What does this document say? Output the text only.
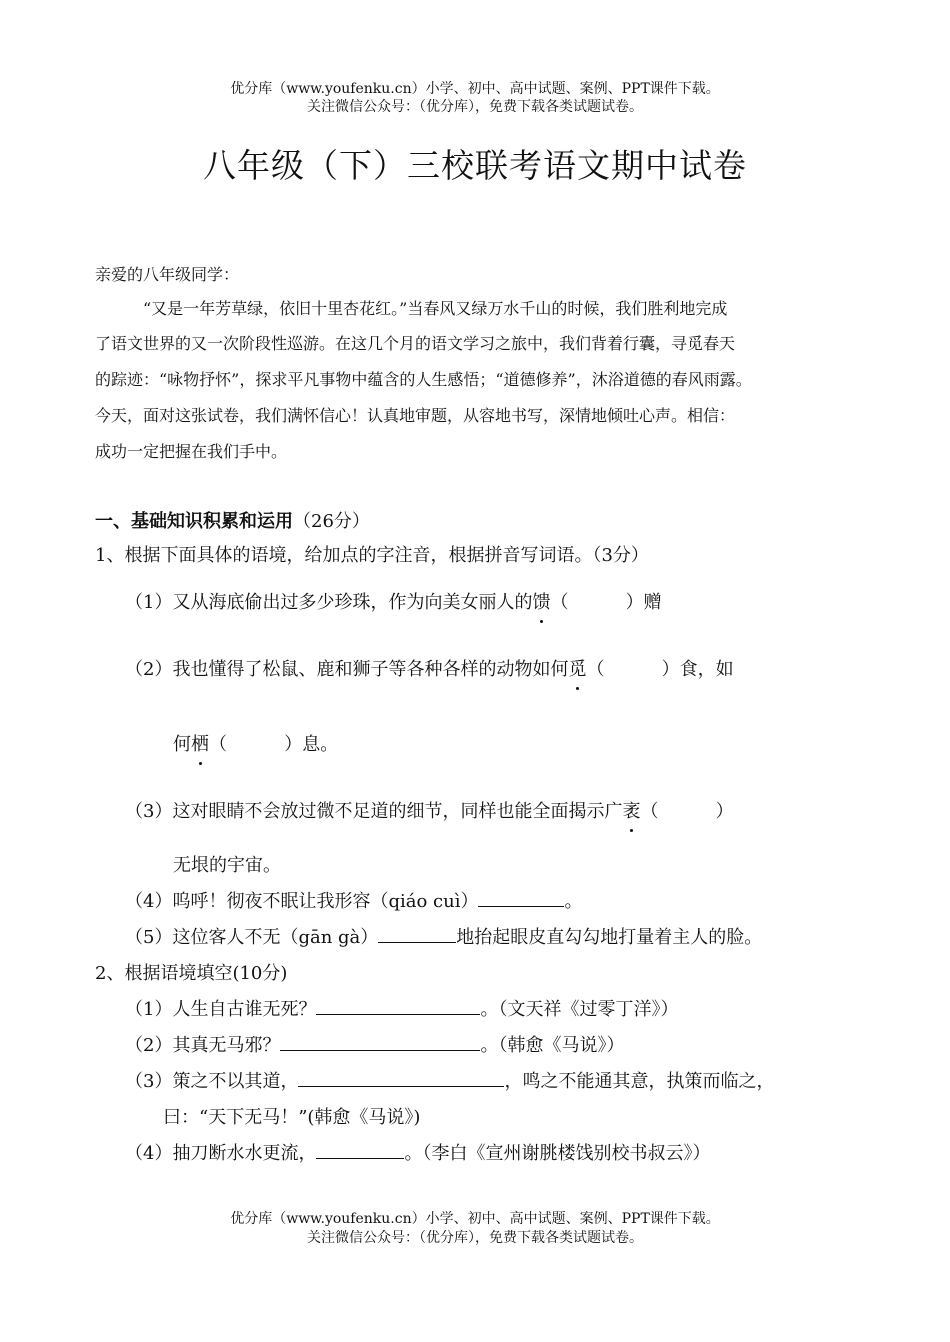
优分库（www.youfenku.cn）小学、初中、高中试题、案例、PPT课件下载。
关注微信公众号：（优分库），免费下载各类试题试卷。
八年级（下）三校联考语文期中试卷
亲爱的八年级同学：
“又是一年芳草绿，依旧十里杏花红。”当春风又绿万水千山的时候，我们胜利地完成
了语文世界的又一次阶段性巡游。在这几个月的语文学习之旅中，我们背着行囊，寻觅春天
的踪迹：“咏物抒怀”，探求平凡事物中蕴含的人生感悟；“道德修养”，沐浴道德的春风雨露。
今天，面对这张试卷，我们满怀信心！认真地审题，从容地书写，深情地倾吐心声。相信：
成功一定把握在我们手中。
一、基础知识积累和运用（26分）
1、根据下面具体的语境，给加点的字注音，根据拼音写词语。（3分）
（1）又从海底偷出过多少珍珠，作为向美女丽人的馈（          ）赠
（2）我也懂得了松鼠、鹿和狮子等各种各样的动物如何觅（          ）食，如
何栖（          ）息。
（3）这对眼睛不会放过微不足道的细节，同样也能全面揭示广袤（          ）
无垠的宇宙。
（4）呜呼！彻夜不眠让我形容（qiáo cuì）	。
（5）这位客人不无（gān gà）	地抬起眼皮直勾勾地打量着主人的脸。
2、根据语境填空(10分)
（1）人生自古谁无死？	。（文天祥《过零丁洋》）
（2）其真无马邪？	。（韩愈《马说》）
（3）策之不以其道，	，鸣之不能通其意，执策而临之，
曰：“天下无马！”(韩愈《马说》)
（4）抽刀断水水更流，	。（李白《宣州谢朓楼饯别校书叔云》）
优分库（www.youfenku.cn）小学、初中、高中试题、案例、PPT课件下载。
关注微信公众号：（优分库），免费下载各类试题试卷。
